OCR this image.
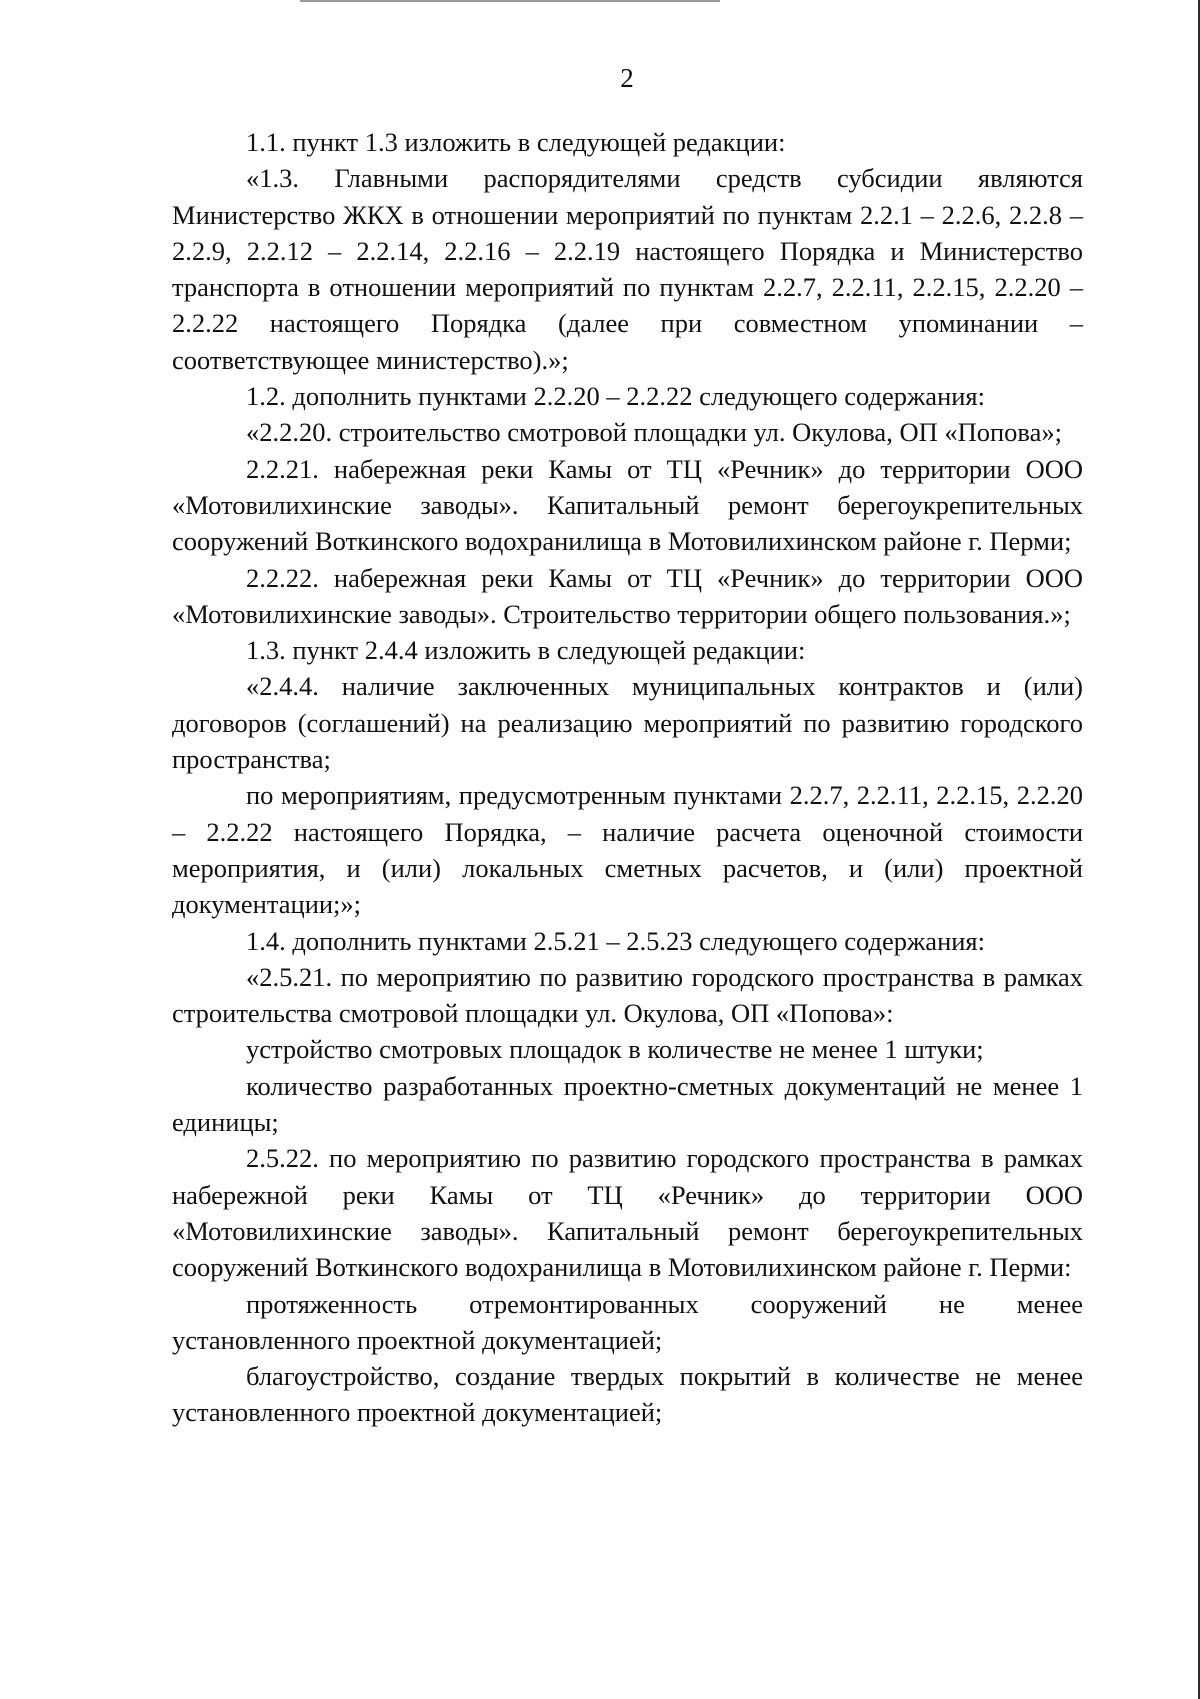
2

1.1. пункт 1.3 изложить в следующей редакции:

«1.3. Главными распорядителями средств субсидии являются Министерство ЖКХ в отношении мероприятий по пунктам 2.2.1 – 2.2.6, 2.2.8 – 2.2.9, 2.2.12 – 2.2.14, 2.2.16 – 2.2.19 настоящего Порядка и Министерство транспорта в отношении мероприятий по пунктам 2.2.7, 2.2.11, 2.2.15, 2.2.20 – 2.2.22 настоящего Порядка (далее при совместном упоминании – соответствующее министерство).»;

1.2. дополнить пунктами 2.2.20 – 2.2.22 следующего содержания:

«2.2.20. строительство смотровой площадки ул. Окулова, ОП «Попова»;

2.2.21. набережная реки Камы от ТЦ «Речник» до территории ООО «Мотовилихинские заводы». Капитальный ремонт берегоукрепительных сооружений Воткинского водохранилища в Мотовилихинском районе г. Перми;

2.2.22. набережная реки Камы от ТЦ «Речник» до территории ООО «Мотовилихинские заводы». Строительство территории общего пользования.»;

1.3. пункт 2.4.4 изложить в следующей редакции:

«2.4.4. наличие заключенных муниципальных контрактов и (или) договоров (соглашений) на реализацию мероприятий по развитию городского пространства;

по мероприятиям, предусмотренным пунктами 2.2.7, 2.2.11, 2.2.15, 2.2.20 – 2.2.22 настоящего Порядка, – наличие расчета оценочной стоимости мероприятия, и (или) локальных сметных расчетов, и (или) проектной документации;»;

1.4. дополнить пунктами 2.5.21 – 2.5.23 следующего содержания:

«2.5.21. по мероприятию по развитию городского пространства в рамках строительства смотровой площадки ул. Окулова, ОП «Попова»:

устройство смотровых площадок в количестве не менее 1 штуки;

количество разработанных проектно-сметных документаций не менее 1 единицы;

2.5.22. по мероприятию по развитию городского пространства в рамках набережной реки Камы от ТЦ «Речник» до территории ООО «Мотовилихинские заводы». Капитальный ремонт берегоукрепительных сооружений Воткинского водохранилища в Мотовилихинском районе г. Перми:

протяженность отремонтированных сооружений не менее установленного проектной документацией;

благоустройство, создание твердых покрытий в количестве не менее установленного проектной документацией;
